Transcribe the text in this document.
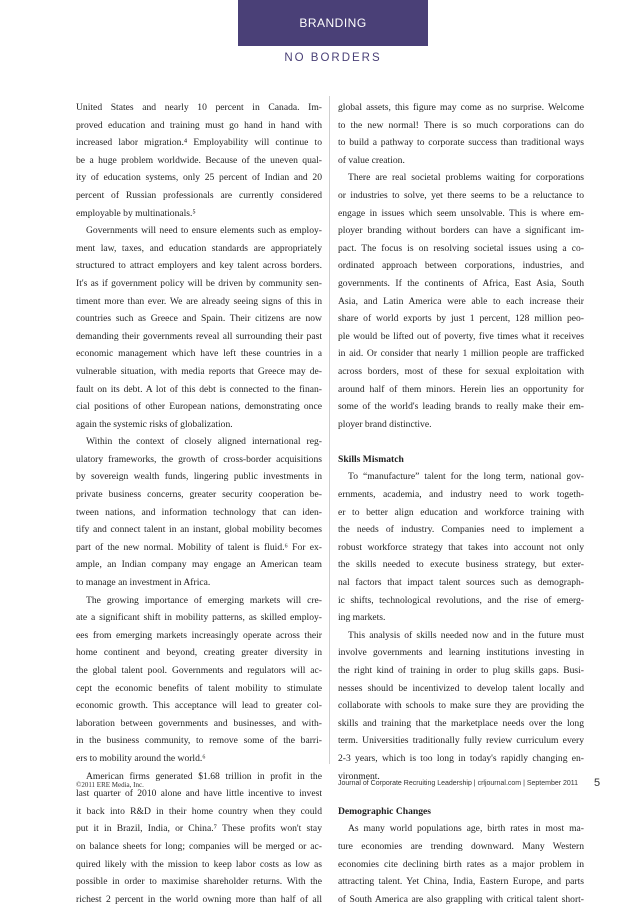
BRANDING
NO BORDERS
United States and nearly 10 percent in Canada. Im-
proved education and training must go hand in hand with
increased labor migration.⁴ Employability will continue to
be a huge problem worldwide. Because of the uneven qual-
ity of education systems, only 25 percent of Indian and 20
percent of Russian professionals are currently considered
employable by multinationals.⁵
Governments will need to ensure elements such as employ-
ment law, taxes, and education standards are appropriately
structured to attract employers and key talent across borders.
It's as if government policy will be driven by community sen-
timent more than ever. We are already seeing signs of this in
countries such as Greece and Spain. Their citizens are now
demanding their governments reveal all surrounding their past
economic management which have left these countries in a
vulnerable situation, with media reports that Greece may de-
fault on its debt. A lot of this debt is connected to the finan-
cial positions of other European nations, demonstrating once
again the systemic risks of globalization.
Within the context of closely aligned international reg-
ulatory frameworks, the growth of cross-border acquisitions
by sovereign wealth funds, lingering public investments in
private business concerns, greater security cooperation be-
tween nations, and information technology that can iden-
tify and connect talent in an instant, global mobility becomes
part of the new normal. Mobility of talent is fluid.⁶ For ex-
ample, an Indian company may engage an American team
to manage an investment in Africa.
The growing importance of emerging markets will cre-
ate a significant shift in mobility patterns, as skilled employ-
ees from emerging markets increasingly operate across their
home continent and beyond, creating greater diversity in
the global talent pool. Governments and regulators will ac-
cept the economic benefits of talent mobility to stimulate
economic growth. This acceptance will lead to greater col-
laboration between governments and businesses, and with-
in the business community, to remove some of the barri-
ers to mobility around the world.⁶
American firms generated $1.68 trillion in profit in the
last quarter of 2010 alone and have little incentive to invest
it back into R&D in their home country when they could
put it in Brazil, India, or China.⁷ These profits won't stay
on balance sheets for long; companies will be merged or ac-
quired likely with the mission to keep labor costs as low as
possible in order to maximise shareholder returns. With the
richest 2 percent in the world owning more than half of all
global assets, this figure may come as no surprise. Welcome
to the new normal! There is so much corporations can do
to build a pathway to corporate success than traditional ways
of value creation.
There are real societal problems waiting for corporations
or industries to solve, yet there seems to be a reluctance to
engage in issues which seem unsolvable. This is where em-
ployer branding without borders can have a significant im-
pact. The focus is on resolving societal issues using a co-
ordinated approach between corporations, industries, and
governments. If the continents of Africa, East Asia, South
Asia, and Latin America were able to each increase their
share of world exports by just 1 percent, 128 million peo-
ple would be lifted out of poverty, five times what it receives
in aid. Or consider that nearly 1 million people are trafficked
across borders, most of these for sexual exploitation with
around half of them minors. Herein lies an opportunity for
some of the world's leading brands to really make their em-
ployer brand distinctive.
Skills Mismatch
To “manufacture” talent for the long term, national gov-
ernments, academia, and industry need to work togeth-
er to better align education and workforce training with
the needs of industry. Companies need to implement a
robust workforce strategy that takes into account not only
the skills needed to execute business strategy, but exter-
nal factors that impact talent sources such as demograph-
ic shifts, technological revolutions, and the rise of emerg-
ing markets.
This analysis of skills needed now and in the future must
involve governments and learning institutions investing in
the right kind of training in order to plug skills gaps. Busi-
nesses should be incentivized to develop talent locally and
collaborate with schools to make sure they are providing the
skills and training that the marketplace needs over the long
term. Universities traditionally fully review curriculum every
2-3 years, which is too long in today's rapidly changing en-
vironment.
Demographic Changes
As many world populations age, birth rates in most ma-
ture economies are trending downward. Many Western
economies cite declining birth rates as a major problem in
attracting talent. Yet China, India, Eastern Europe, and parts
of South America are also grappling with critical talent short-
©2011 ERE Media, Inc.	Journal of Corporate Recruiting Leadership | crljournal.com | September 2011 5
